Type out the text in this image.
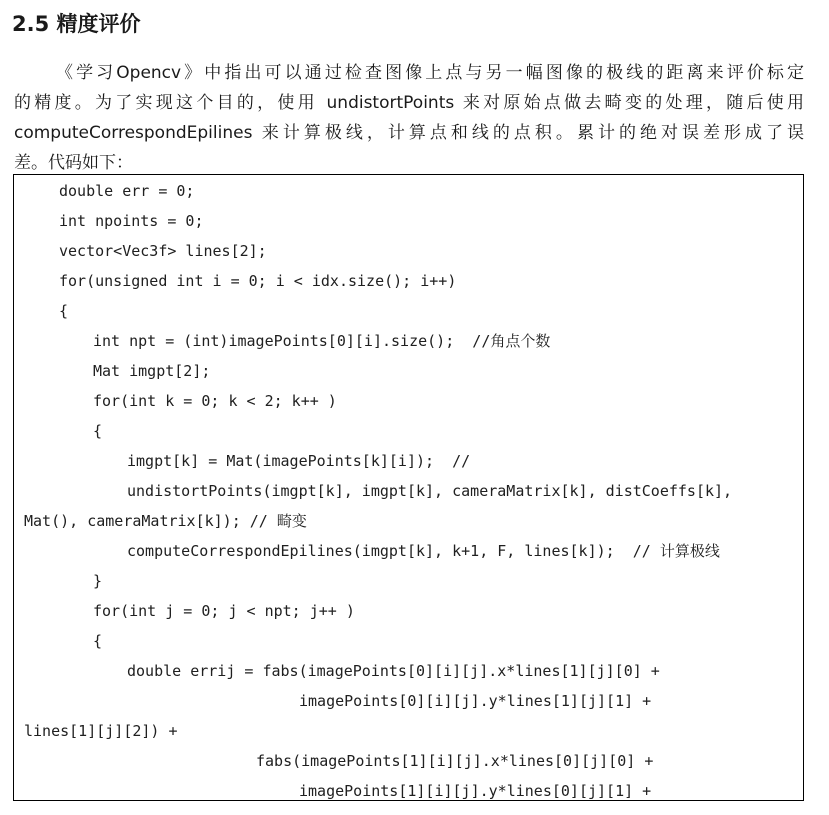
2.5 精度评价
《学习Opencv》中指出可以通过检查图像上点与另一幅图像的极线的距离来评价标定
的精度。为了实现这个目的，使用 undistortPoints 来对原始点做去畸变的处理，随后使用
computeCorrespondEpilines 来计算极线，计算点和线的点积。累计的绝对误差形成了误
差。代码如下：
double err = 0;
int npoints = 0;
vector<Vec3f> lines[2];
for(unsigned int i = 0; i < idx.size(); i++)
{
int npt = (int)imagePoints[0][i].size();  //角点个数
Mat imgpt[2];
for(int k = 0; k < 2; k++ )
{
imgpt[k] = Mat(imagePoints[k][i]);  //
undistortPoints(imgpt[k], imgpt[k], cameraMatrix[k], distCoeffs[k],
Mat(), cameraMatrix[k]); // 畸变
computeCorrespondEpilines(imgpt[k], k+1, F, lines[k]);  // 计算极线
}
for(int j = 0; j < npt; j++ )
{
double errij = fabs(imagePoints[0][i][j].x*lines[1][j][0] +
imagePoints[0][i][j].y*lines[1][j][1] +
lines[1][j][2]) +
fabs(imagePoints[1][i][j].x*lines[0][j][0] +
imagePoints[1][i][j].y*lines[0][j][1] +
